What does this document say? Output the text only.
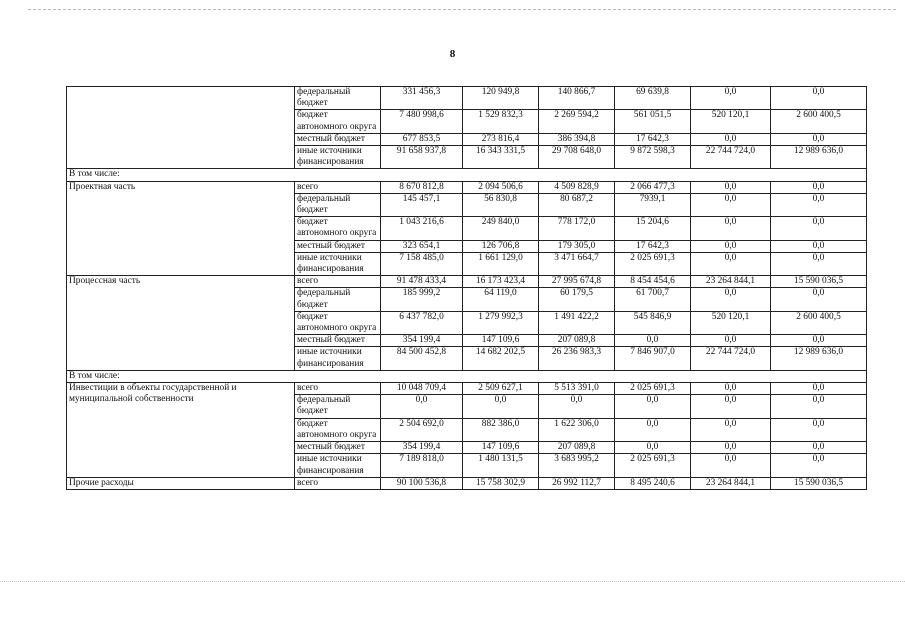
8
	федеральный бюджет	331 456,3	120 949,8	140 866,7	69 639,8	0,0	0,0
	бюджет автономного округа	7 480 998,6	1 529 832,3	2 269 594,2	561 051,5	520 120,1	2 600 400,5
	местный бюджет	677 853,5	273 816,4	386 394,8	17 642,3	0,0	0,0
	иные источники финансирования	91 658 937,8	16 343 331,5	29 708 648,0	9 872 598,3	22 744 724,0	12 989 636,0
В том числе:							
Проектная часть	всего	8 670 812,8	2 094 506,6	4 509 828,9	2 066 477,3	0,0	0,0
	федеральный бюджет	145 457,1	56 830,8	80 687,2	7939,1	0,0	0,0
	бюджет автономного округа	1 043 216,6	249 840,0	778 172,0	15 204,6	0,0	0,0
	местный бюджет	323 654,1	126 706,8	179 305,0	17 642,3	0,0	0,0
	иные источники финансирования	7 158 485,0	1 661 129,0	3 471 664,7	2 025 691,3	0,0	0,0
Процессная часть	всего	91 478 433,4	16 173 423,4	27 995 674,8	8 454 454,6	23 264 844,1	15 590 036,5
	федеральный бюджет	185 999,2	64 119,0	60 179,5	61 700,7	0,0	0,0
	бюджет автономного округа	6 437 782,0	1 279 992,3	1 491 422,2	545 846,9	520 120,1	2 600 400,5
	местный бюджет	354 199,4	147 109,6	207 089,8	0,0	0,0	0,0
	иные источники финансирования	84 500 452,8	14 682 202,5	26 236 983,3	7 846 907,0	22 744 724,0	12 989 636,0
В том числе:							
Инвестиции в объекты государственной и муниципальной собственности	всего	10 048 709,4	2 509 627,1	5 513 391,0	2 025 691,3	0,0	0,0
	федеральный бюджет	0,0	0,0	0,0	0,0	0,0	0,0
	бюджет автономного округа	2 504 692,0	882 386,0	1 622 306,0	0,0	0,0	0,0
	местный бюджет	354 199,4	147 109,6	207 089,8	0,0	0,0	0,0
	иные источники финансирования	7 189 818,0	1 480 131,5	3 683 995,2	2 025 691,3	0,0	0,0
Прочие расходы	всего	90 100 536,8	15 758 302,9	26 992 112,7	8 495 240,6	23 264 844,1	15 590 036,5
